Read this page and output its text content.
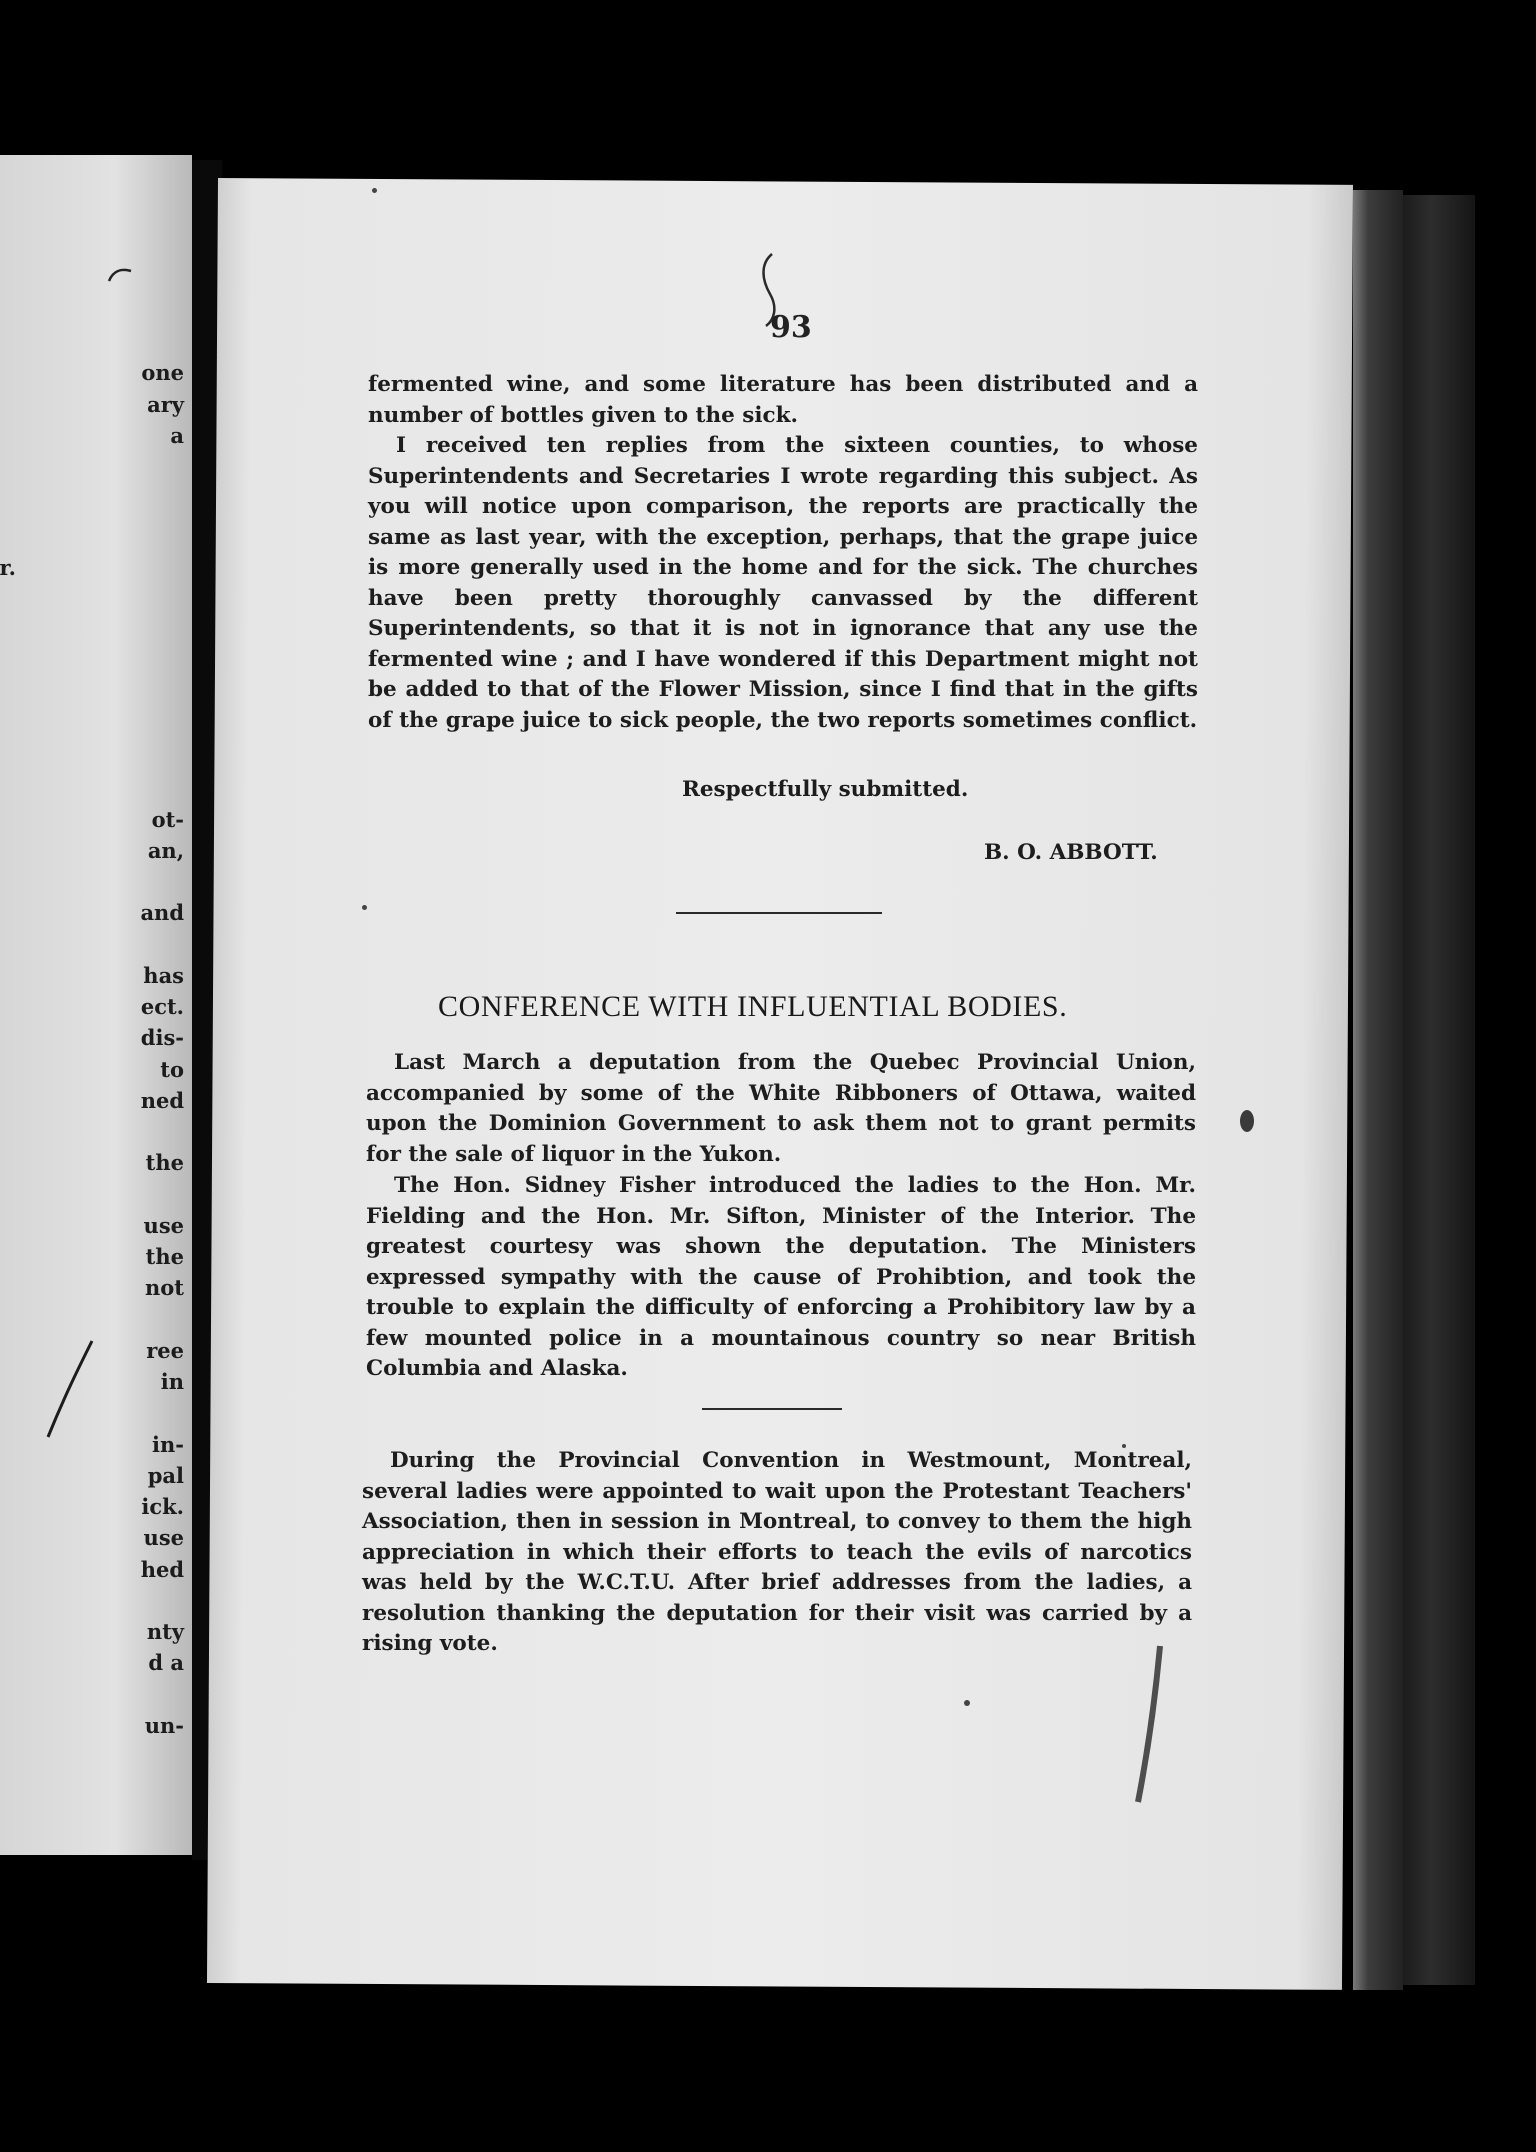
one
ary
a
r.
ot-
an,
and
has
ect.
dis-
to
ned
the
use
the
not
ree
in
in-
pal
ick.
use
hed
nty
d a
un-
93

fermented wine, and some literature has been distributed and a number of bottles given to the sick.

I received ten replies from the sixteen counties, to whose Superintendents and Secretaries I wrote regarding this subject. As you will notice upon comparison, the reports are practically the same as last year, with the exception, perhaps, that the grape juice is more generally used in the home and for the sick. The churches have been pretty thoroughly canvassed by the different Superintendents, so that it is not in ignorance that any use the fermented wine ; and I have wondered if this Department might not be added to that of the Flower Mission, since I find that in the gifts of the grape juice to sick people, the two reports sometimes conflict.

Respectfully submitted.
B. O. ABBOTT.
CONFERENCE WITH INFLUENTIAL BODIES.

Last March a deputation from the Quebec Provincial Union, accompanied by some of the White Ribboners of Ottawa, waited upon the Dominion Government to ask them not to grant permits for the sale of liquor in the Yukon.

The Hon. Sidney Fisher introduced the ladies to the Hon. Mr. Fielding and the Hon. Mr. Sifton, Minister of the Interior. The greatest courtesy was shown the deputation. The Ministers expressed sympathy with the cause of Prohibtion, and took the trouble to explain the difficulty of enforcing a Prohibitory law by a few mounted police in a mountainous country so near British Columbia and Alaska.

During the Provincial Convention in Westmount, Montreal, several ladies were appointed to wait upon the Protestant Teachers' Association, then in session in Montreal, to convey to them the high appreciation in which their efforts to teach the evils of narcotics was held by the W.C.T.U. After brief addresses from the ladies, a resolution thanking the deputation for their visit was carried by a rising vote.
